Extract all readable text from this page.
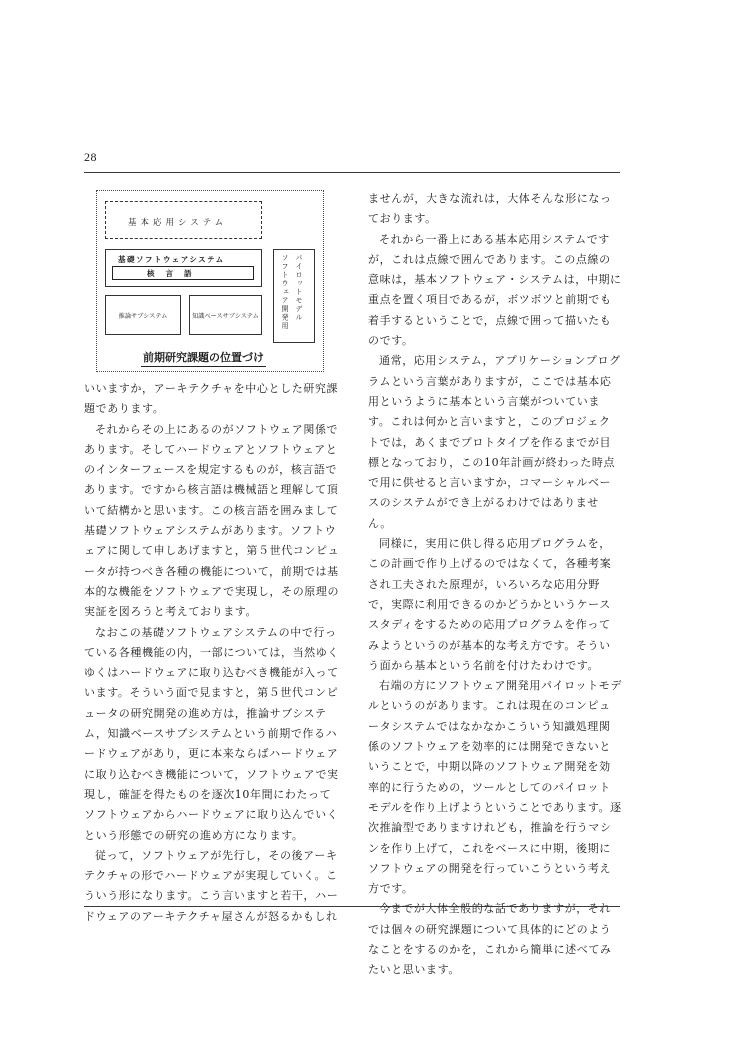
28
基本応用システム
基礎ソフトウェアシステム
核言語	パイロットモデル
ソフトウェア開発用
推論サブシステム	知識ベースサブシステム
前期研究課題の位置づけ

いいますか，アーキテクチャを中心とした研究課題であります。

それからその上にあるのがソフトウェア関係であります。そしてハードウェアとソフトウェアとのインターフェースを規定するものが，核言語であります。ですから核言語は機械語と理解して頂いて結構かと思います。この核言語を囲みまして基礎ソフトウェアシステムがあります。ソフトウェアに関して申しあげますと，第５世代コンピュータが持つべき各種の機能について，前期では基本的な機能をソフトウェアで実現し，その原理の実証を図ろうと考えております。

なおこの基礎ソフトウェアシステムの中で行っている各種機能の内，一部については，当然ゆくゆくはハードウェアに取り込むべき機能が入っています。そういう面で見ますと，第５世代コンピュータの研究開発の進め方は，推論サブシステム，知識ベースサブシステムという前期で作るハードウェアがあり，更に本来ならばハードウェアに取り込むべき機能について，ソフトウェアで実現し，確証を得たものを逐次10年間にわたってソフトウェアからハードウェアに取り込んでいくという形態での研究の進め方になります。

従って，ソフトウェアが先行し，その後アーキテクチャの形でハードウェアが実現していく。こういう形になります。こう言いますと若干，ハードウェアのアーキテクチャ屋さんが怒るかもしれ

ませんが，大きな流れは，大体そんな形になっております。

それから一番上にある基本応用システムですが，これは点線で囲んであります。この点線の意味は，基本ソフトウェア・システムは，中期に重点を置く項目であるが，ボツボツと前期でも着手するということで，点線で囲って描いたものです。

通常，応用システム，アプリケーションプログラムという言葉がありますが，ここでは基本応用というように基本という言葉がついています。これは何かと言いますと，このプロジェクトでは，あくまでプロトタイプを作るまでが目標となっており，この10年計画が終わった時点で用に供せると言いますか，コマーシャルベースのシステムができ上がるわけではありません。

同様に，実用に供し得る応用プログラムを，この計画で作り上げるのではなくて，各種考案され工夫された原理が，いろいろな応用分野で，実際に利用できるのかどうかというケーススタディをするための応用プログラムを作ってみようというのが基本的な考え方です。そういう面から基本という名前を付けたわけです。

右端の方にソフトウェア開発用パイロットモデルというのがあります。これは現在のコンピュータシステムではなかなかこういう知識処理関係のソフトウェアを効率的には開発できないということで，中期以降のソフトウェア開発を効率的に行うための，ツールとしてのパイロットモデルを作り上げようということであります。逐次推論型でありますけれども，推論を行うマシンを作り上げて，これをベースに中期，後期にソフトウェアの開発を行っていこうという考え方です。

今までが大体全般的な話でありますが，それでは個々の研究課題について具体的にどのようなことをするのかを，これから簡単に述べてみたいと思います。
